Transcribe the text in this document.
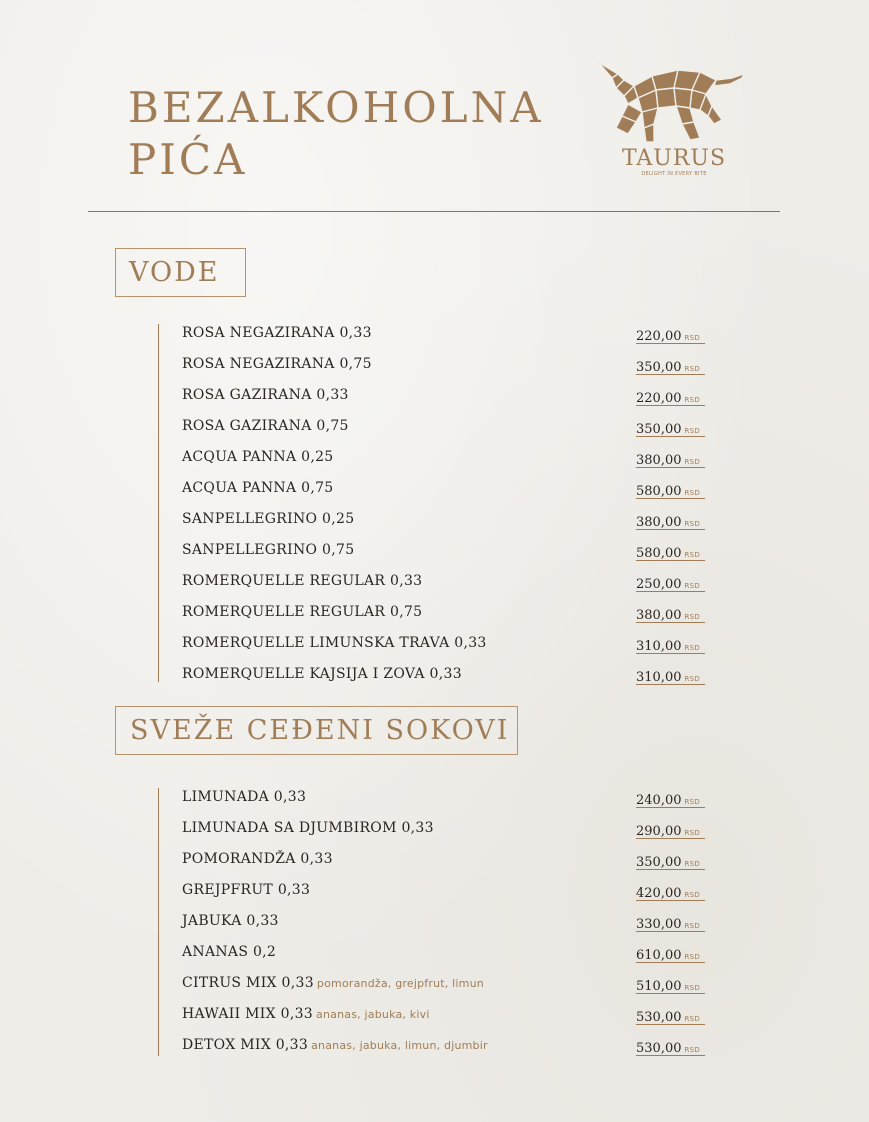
BEZALKOHOLNA
PIĆA	TAURUS
DELIGHT IN EVERY BITE
VODE
ROSA NEGAZIRANA 0,33	220,00 RSD
ROSA NEGAZIRANA 0,75	350,00 RSD
ROSA GAZIRANA 0,33	220,00 RSD
ROSA GAZIRANA 0,75	350,00 RSD
ACQUA PANNA 0,25	380,00 RSD
ACQUA PANNA 0,75	580,00 RSD
SANPELLEGRINO 0,25	380,00 RSD
SANPELLEGRINO 0,75	580,00 RSD
ROMERQUELLE REGULAR 0,33	250,00 RSD
ROMERQUELLE REGULAR 0,75	380,00 RSD
ROMERQUELLE LIMUNSKA TRAVA 0,33	310,00 RSD
ROMERQUELLE KAJSIJA I ZOVA 0,33	310,00 RSD
SVEŽE CEĐENI SOKOVI
LIMUNADA 0,33	240,00 RSD
LIMUNADA SA DJUMBIROM 0,33	290,00 RSD
POMORANDŽA 0,33	350,00 RSD
GREJPFRUT 0,33	420,00 RSD
JABUKA 0,33	330,00 RSD
ANANAS 0,2	610,00 RSD
CITRUS MIX 0,33 pomorandža, grejpfrut, limun	510,00 RSD
HAWAII MIX 0,33 ananas, jabuka, kivi	530,00 RSD
DETOX MIX 0,33 ananas, jabuka, limun, djumbir	530,00 RSD
